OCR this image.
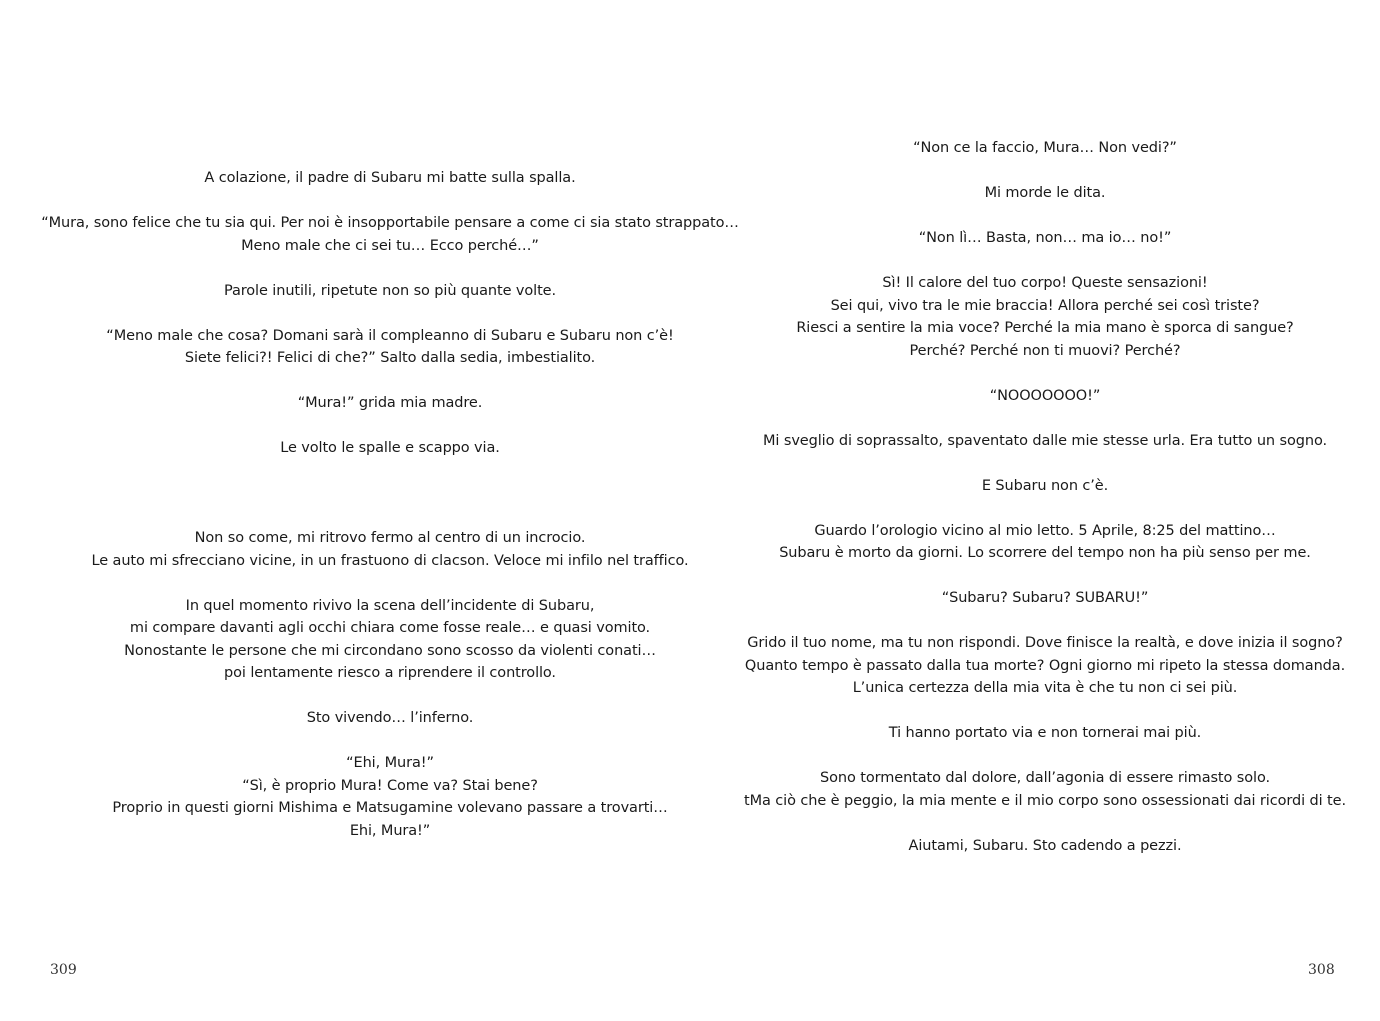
A colazione, il padre di Subaru mi batte sulla spalla.

“Mura, sono felice che tu sia qui. Per noi è insopportabile pensare a come ci sia stato strappato…
Meno male che ci sei tu… Ecco perché…”

Parole inutili, ripetute non so più quante volte.

“Meno male che cosa? Domani sarà il compleanno di Subaru e Subaru non c’è!
Siete felici?! Felici di che?” Salto dalla sedia, imbestialito.

“Mura!” grida mia madre.

Le volto le spalle e scappo via.

Non so come, mi ritrovo fermo al centro di un incrocio.
Le auto mi sfrecciano vicine, in un frastuono di clacson. Veloce mi infilo nel traffico.

In quel momento rivivo la scena dell’incidente di Subaru,
mi compare davanti agli occhi chiara come fosse reale… e quasi vomito.
Nonostante le persone che mi circondano sono scosso da violenti conati…
poi lentamente riesco a riprendere il controllo.

Sto vivendo… l’inferno.

“Ehi, Mura!”
“Sì, è proprio Mura! Come va? Stai bene?
Proprio in questi giorni Mishima e Matsugamine volevano passare a trovarti…
Ehi, Mura!”

309

“Non ce la faccio, Mura… Non vedi?”

Mi morde le dita.

“Non lì… Basta, non… ma io… no!”

Sì! Il calore del tuo corpo! Queste sensazioni!
Sei qui, vivo tra le mie braccia! Allora perché sei così triste?
Riesci a sentire la mia voce? Perché la mia mano è sporca di sangue?
Perché? Perché non ti muovi? Perché?

“NOOOOOOO!”

Mi sveglio di soprassalto, spaventato dalle mie stesse urla. Era tutto un sogno.

E Subaru non c’è.

Guardo l’orologio vicino al mio letto. 5 Aprile, 8:25 del mattino…
Subaru è morto da giorni. Lo scorrere del tempo non ha più senso per me.

“Subaru? Subaru? SUBARU!”

Grido il tuo nome, ma tu non rispondi. Dove finisce la realtà, e dove inizia il sogno?
Quanto tempo è passato dalla tua morte? Ogni giorno mi ripeto la stessa domanda.
L’unica certezza della mia vita è che tu non ci sei più.

Ti hanno portato via e non tornerai mai più.

Sono tormentato dal dolore, dall’agonia di essere rimasto solo.
tMa ciò che è peggio, la mia mente e il mio corpo sono ossessionati dai ricordi di te.

Aiutami, Subaru. Sto cadendo a pezzi.

308
